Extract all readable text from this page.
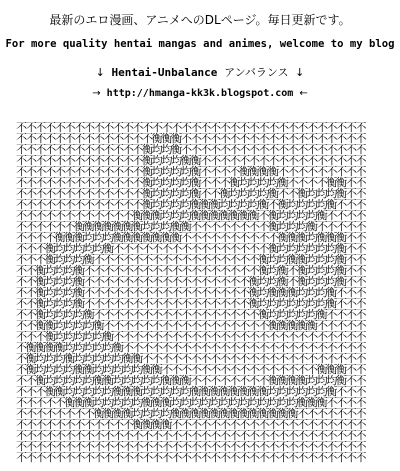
最新のエロ漫画、アニメへのDLページ。毎日更新です。
For more quality hentai mangas and animes, welcome to my blog
↓ Hentai-Unbalance アンバランス ↓
→ http://hmanga-kk3k.blogspot.com ←
不不不不不不不不不不不不不不不不不不不不不不不不不不不不不不不不不不不不
不不不不不不不不不不不不不不衡衡衡不不不不不不不不不不不不不不不不不不不
不不不不不不不不不不不不不衡均均衡不不不不不不不不不不不不不不不不不不不
不不不不不不不不不不不不不衡均均均衡衡不不不不不不不不不不不不不不不不不
不不不不不不不不不不不不不衡均均均均衡不不不不衡衡衡衡不不不不不不不不不
不不不不不不不不不不不不不衡均均均均衡不不不衡均均均均衡不不不不衡衡不不
不不不不不不不不不不不不不衡均均均均衡不不衡均均均均衡不不衡均均均衡不不
不不不不不不不不不不不不不衡均均均均衡衡衡均均均均衡不衡均均均均衡不不不
不不不不不不不不不不不不衡衡衡均均均衡衡衡衡衡衡衡不衡均均均均衡不不不不
不不不不不不衡衡衡衡衡衡衡均均均衡衡不不不不不不不不衡均均均衡不不不不不
不不不不衡衡衡均均均衡衡衡衡衡衡衡不不不不不不不不不不衡衡衡均衡衡衡不不
不不不衡均均均均均衡不不不不不不不不不不不不不不不不衡均均均均均均衡不不
不不不衡均均均衡不不不不不不不不不不不不不不不不不衡均均衡衡均均均衡不不
不不衡均均均衡不不不不不不不不不不不不不不不不不不衡均衡不衡均均均衡不不
不不衡均均均衡不不不不不不不不不不不不不不不不不衡均均衡不衡均均均衡不不
不不衡均均均衡不不不不不不不不不不不不不不不不不衡均衡衡衡均均均衡不不不
不不衡均均均衡不不不不不不不不不不不不不不不不不衡均均均均均均均衡不不不
不不衡均均均均衡不不不不不不不不不不不不不不不不不衡均均均均均衡不不不不
不不衡衡均均均均衡不不不不不不不不不不不不不不不不不衡衡衡衡衡不不不不不
不不不衡均均均均均衡不不不不不不不不不不不不不不不不不不不不不不不不不不
不衡衡衡衡均均均均均衡不不不不不不不不不不不不不不不不不不不不不不不不不
不衡均均均衡均均均均均衡衡不不不不不不不不不不不不不不不不不不不不不不不
不衡均均均均衡衡均均均均均衡衡不不不不不不不不不不不不不不不不衡衡衡不不
不不衡均均均均均衡衡均均均均均衡衡衡不不不不不不不不衡衡衡衡均均均衡不不
不不不衡衡均均均均均衡衡衡均均均均均衡衡衡衡衡衡衡衡均均均均均均衡不不不
不不不不不衡衡衡均均均均均衡衡衡均均均均均均均均均均均均均衡衡衡不不不不
不不不不不不不不衡衡衡衡均均均均衡衡衡衡衡衡衡衡衡衡衡衡衡不不不不不不不
不不不不不不不不不不不不衡衡衡衡不不不不不不不不不不不不不不不不不不不不
不不不不不不不不不不不不不不不不不不不不不不不不不不不不不不不不不不不不
不不不不不不不不不不不不不不不不不不不不不不不不不不不不不不不不不不不不
不不不不不不不不不不不不不不不不不不不不不不不不不不不不不不不不不不不不
